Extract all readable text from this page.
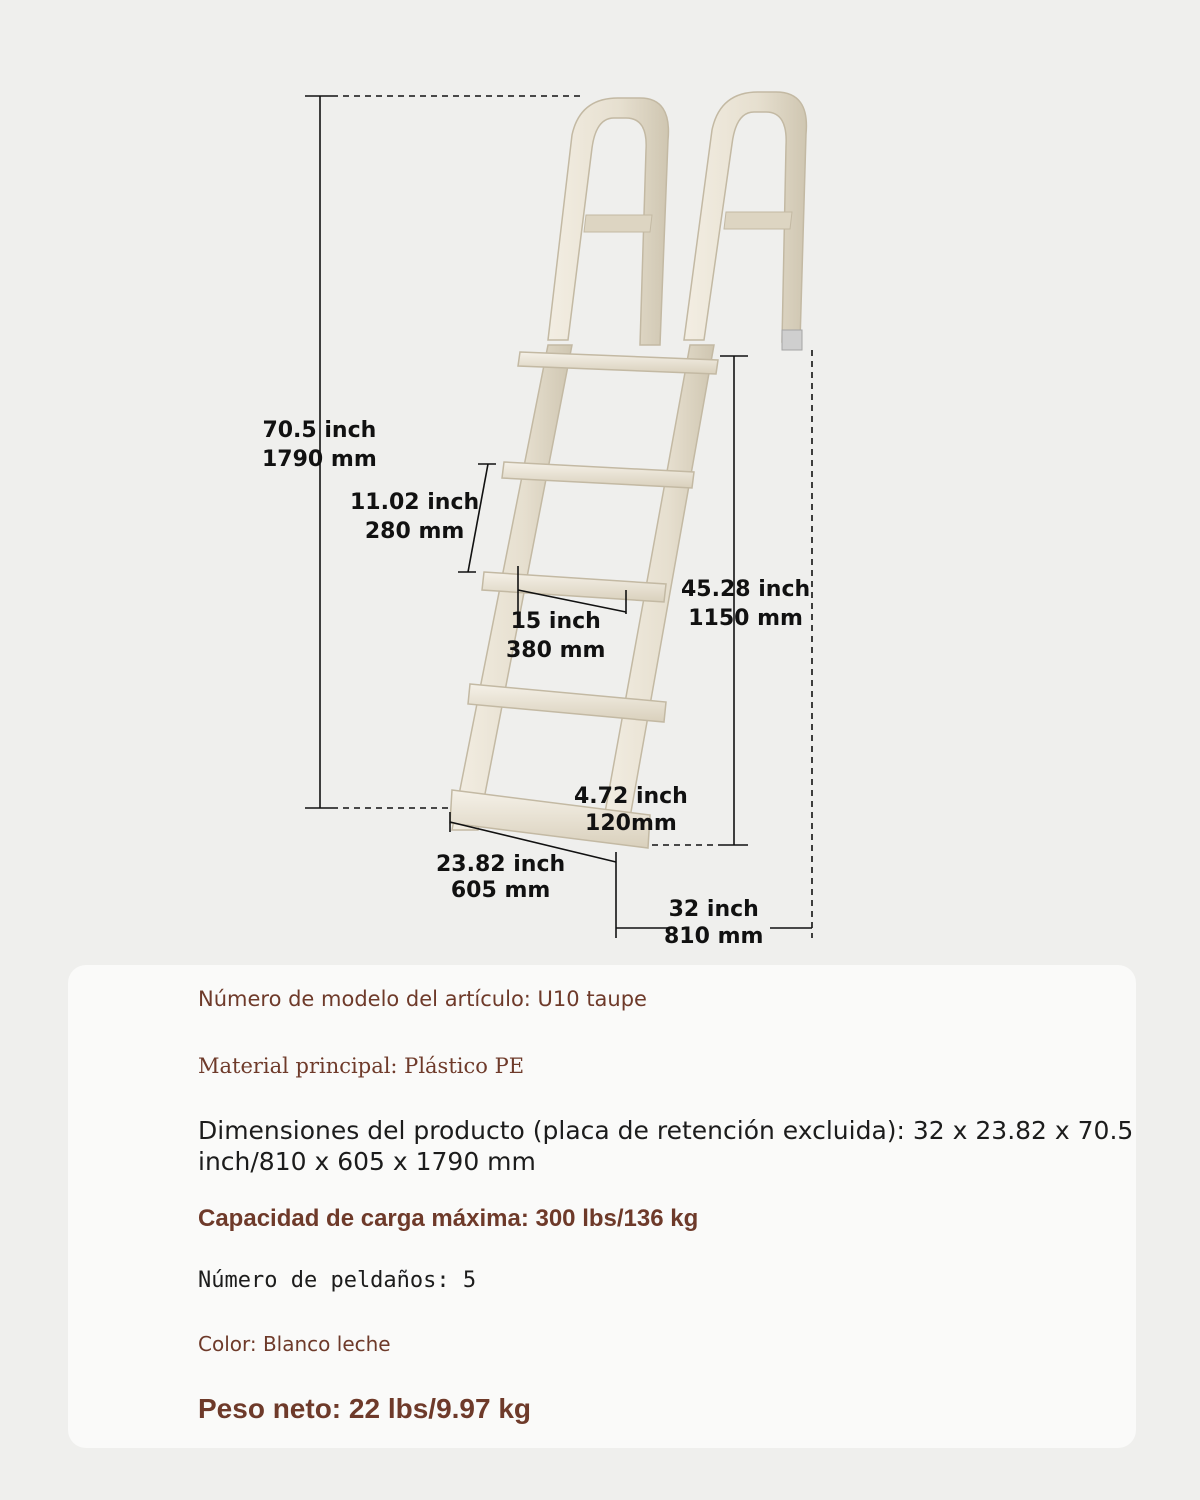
70.5 inch
1790 mm
11.02 inch
280 mm
15 inch
380 mm
45.28 inch
1150 mm
4.72 inch
120mm
23.82 inch
605 mm
32 inch
810 mm
Número de modelo del artículo: U10 taupe
Material principal: Plástico PE
Dimensiones del producto (placa de retención excluida): 32 x 23.82 x 70.5 inch/810 x 605 x 1790 mm
Capacidad de carga máxima: 300 lbs/136 kg
Número de peldaños: 5
Color: Blanco leche
Peso neto: 22 lbs/9.97 kg
